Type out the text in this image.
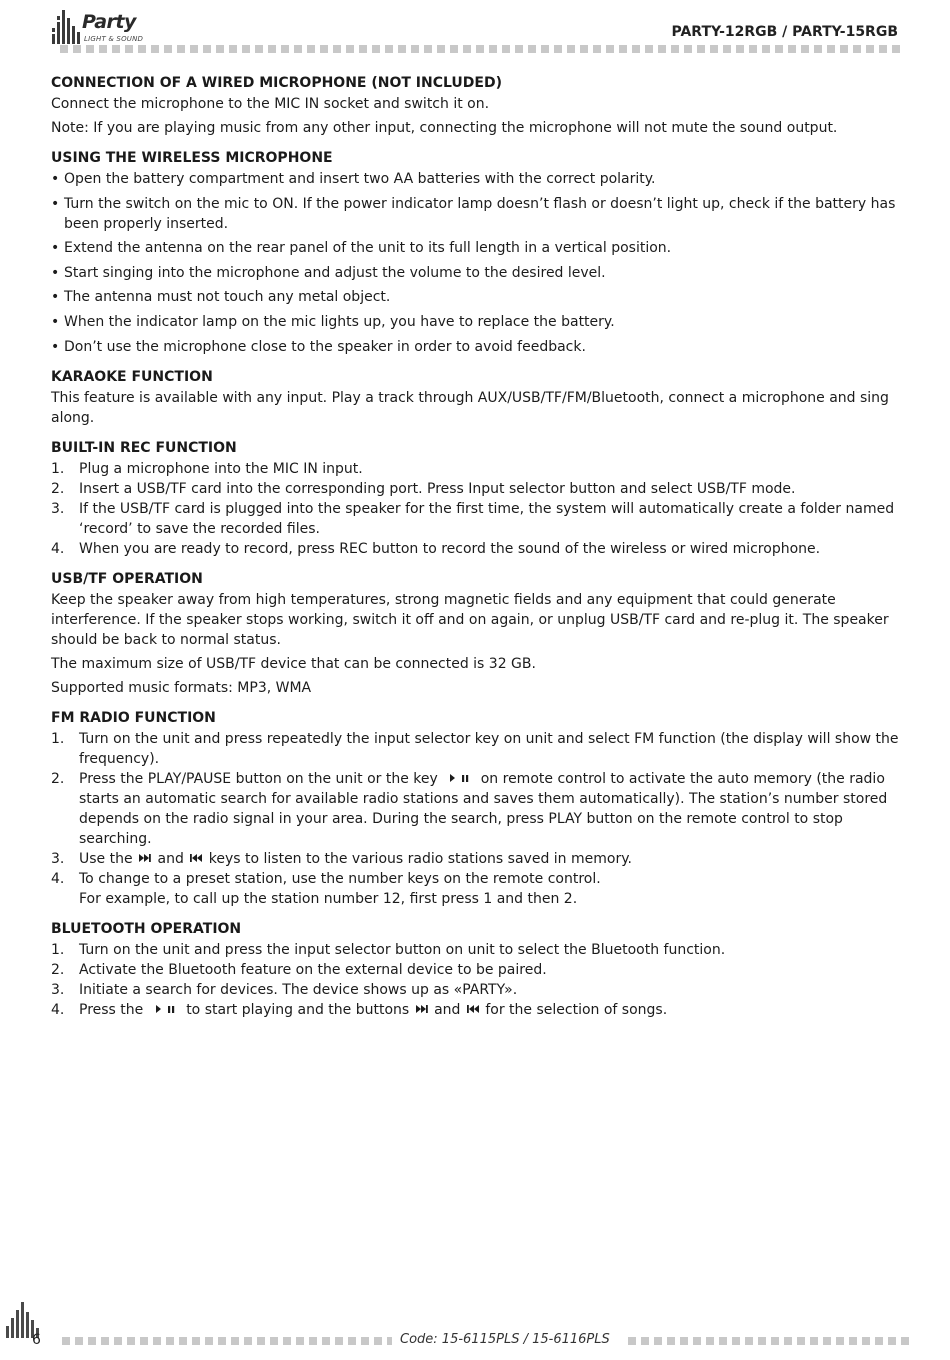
Party
LIGHT & SOUND	PARTY-12RGB / PARTY-15RGB
CONNECTION OF A WIRED MICROPHONE (NOT INCLUDED)

Connect the microphone to the MIC IN socket and switch it on.

Note: If you are playing music from any other input, connecting the microphone will not mute the sound output.

USING THE WIRELESS MICROPHONE
• Open the battery compartment and insert two AA batteries with the correct polarity.
• Turn the switch on the mic to ON. If the power indicator lamp doesn’t flash or doesn’t light up, check if the battery has been properly inserted.
• Extend the antenna on the rear panel of the unit to its full length in a vertical position.
• Start singing into the microphone and adjust the volume to the desired level.
• The antenna must not touch any metal object.
• When the indicator lamp on the mic lights up, you have to replace the battery.
• Don’t use the microphone close to the speaker in order to avoid feedback.
KARAOKE FUNCTION

This feature is available with any input. Play a track through AUX/USB/TF/FM/Bluetooth, connect a microphone and sing along.

BUILT-IN REC FUNCTION
1. Plug a microphone into the MIC IN input.
2. Insert a USB/TF card into the corresponding port. Press Input selector button and select USB/TF mode.
3. If the USB/TF card is plugged into the speaker for the first time, the system will automatically create a folder named ‘record’ to save the recorded files.
4. When you are ready to record, press REC button to record the sound of the wireless or wired microphone.
USB/TF OPERATION

Keep the speaker away from high temperatures, strong magnetic fields and any equipment that could generate interference. If the speaker stops working, switch it off and on again, or unplug USB/TF card and re-plug it. The speaker should be back to normal status.

The maximum size of USB/TF device that can be connected is 32 GB.

Supported music formats: MP3, WMA

FM RADIO FUNCTION
1. Turn on the unit and press repeatedly the input selector key on unit and select FM function (the display will show the frequency).
2. Press the PLAY/PAUSE button on the unit or the key	on remote control to activate the auto memory (the radio starts an automatic search for available radio stations and saves them automatically). The station’s number stored depends on the radio signal in your area. During the search, press PLAY button on the remote control to stop searching.
3. Use the and keys to listen to the various radio stations saved in memory.
4. To change to a preset station, use the number keys on the remote control.
For example, to call up the station number 12, first press 1 and then 2.
BLUETOOTH OPERATION
1. Turn on the unit and press the input selector button on unit to select the Bluetooth function.
2. Activate the Bluetooth feature on the external device to be paired.
3. Initiate a search for devices. The device shows up as «PARTY».
4. Press the	to start playing and the buttons and for the selection of songs.
6	Code: 15-6115PLS / 15-6116PLS
